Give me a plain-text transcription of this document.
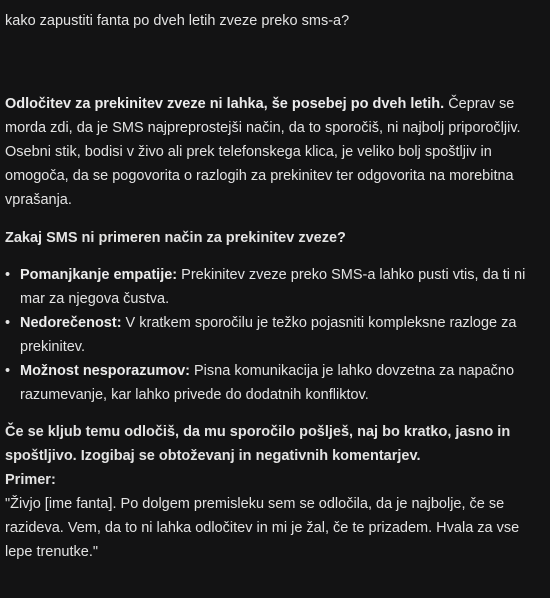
kako zapustiti fanta po dveh letih zveze preko sms-a?

Odločitev za prekinitev zveze ni lahka, še posebej po dveh letih. Čeprav se morda zdi, da je SMS najpreprostejši način, da to sporočiš, ni najbolj priporočljiv. Osebni stik, bodisi v živo ali prek telefonskega klica, je veliko bolj spoštljiv in omogoča, da se pogovorita o razlogih za prekinitev ter odgovorita na morebitna vprašanja.

Zakaj SMS ni primeren način za prekinitev zveze?

• Pomanjkanje empatije: Prekinitev zveze preko SMS-a lahko pusti vtis, da ti ni mar za njegova čustva.
• Nedorečenost: V kratkem sporočilu je težko pojasniti kompleksne razloge za prekinitev.
• Možnost nesporazumov: Pisna komunikacija je lahko dovzetna za napačno razumevanje, kar lahko privede do dodatnih konfliktov.

Če se kljub temu odločiš, da mu sporočilo pošlješ, naj bo kratko, jasno in spoštljivo. Izogibaj se obtoževanj in negativnih komentarjev.

Primer:

"Živjo [ime fanta]. Po dolgem premisleku sem se odločila, da je najbolje, če se razideva. Vem, da to ni lahka odločitev in mi je žal, če te prizadem. Hvala za vse lepe trenutke."
